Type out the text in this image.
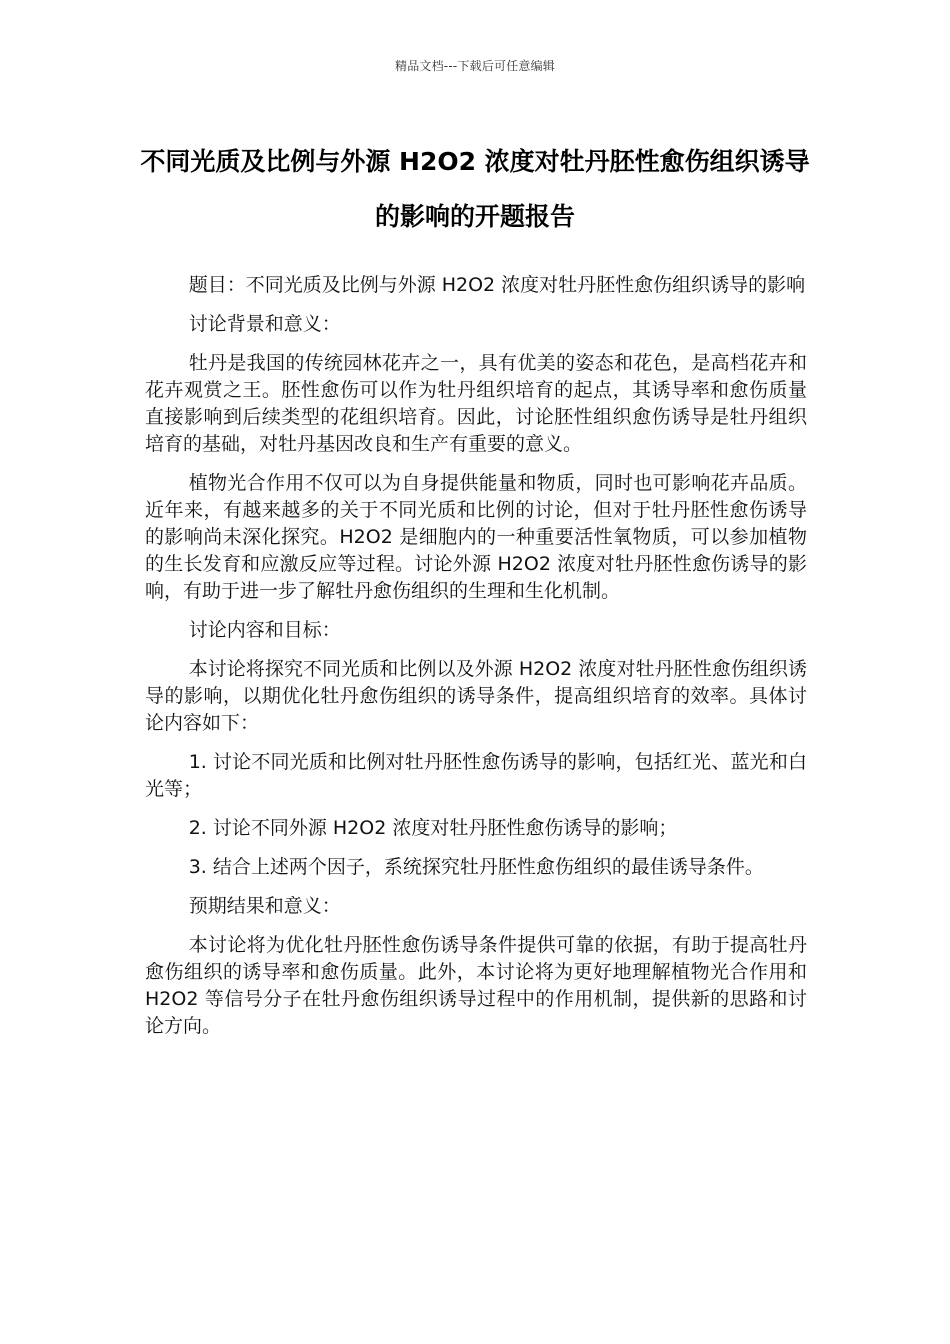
精品文档---下载后可任意编辑
不同光质及比例与外源 H2O2 浓度对牡丹胚性愈伤组织诱导的影响的开题报告

题目：不同光质及比例与外源 H2O2 浓度对牡丹胚性愈伤组织诱导的影响

讨论背景和意义：

牡丹是我国的传统园林花卉之一，具有优美的姿态和花色，是高档花卉和花卉观赏之王。胚性愈伤可以作为牡丹组织培育的起点，其诱导率和愈伤质量直接影响到后续类型的花组织培育。因此，讨论胚性组织愈伤诱导是牡丹组织培育的基础，对牡丹基因改良和生产有重要的意义。

植物光合作用不仅可以为自身提供能量和物质，同时也可影响花卉品质。近年来，有越来越多的关于不同光质和比例的讨论，但对于牡丹胚性愈伤诱导的影响尚未深化探究。H2O2 是细胞内的一种重要活性氧物质，可以参加植物的生长发育和应激反应等过程。讨论外源 H2O2 浓度对牡丹胚性愈伤诱导的影响，有助于进一步了解牡丹愈伤组织的生理和生化机制。

讨论内容和目标：

本讨论将探究不同光质和比例以及外源 H2O2 浓度对牡丹胚性愈伤组织诱导的影响，以期优化牡丹愈伤组织的诱导条件，提高组织培育的效率。具体讨论内容如下：

1. 讨论不同光质和比例对牡丹胚性愈伤诱导的影响，包括红光、蓝光和白光等；

2. 讨论不同外源 H2O2 浓度对牡丹胚性愈伤诱导的影响；

3. 结合上述两个因子，系统探究牡丹胚性愈伤组织的最佳诱导条件。

预期结果和意义：

本讨论将为优化牡丹胚性愈伤诱导条件提供可靠的依据，有助于提高牡丹愈伤组织的诱导率和愈伤质量。此外，本讨论将为更好地理解植物光合作用和 H2O2 等信号分子在牡丹愈伤组织诱导过程中的作用机制，提供新的思路和讨论方向。
